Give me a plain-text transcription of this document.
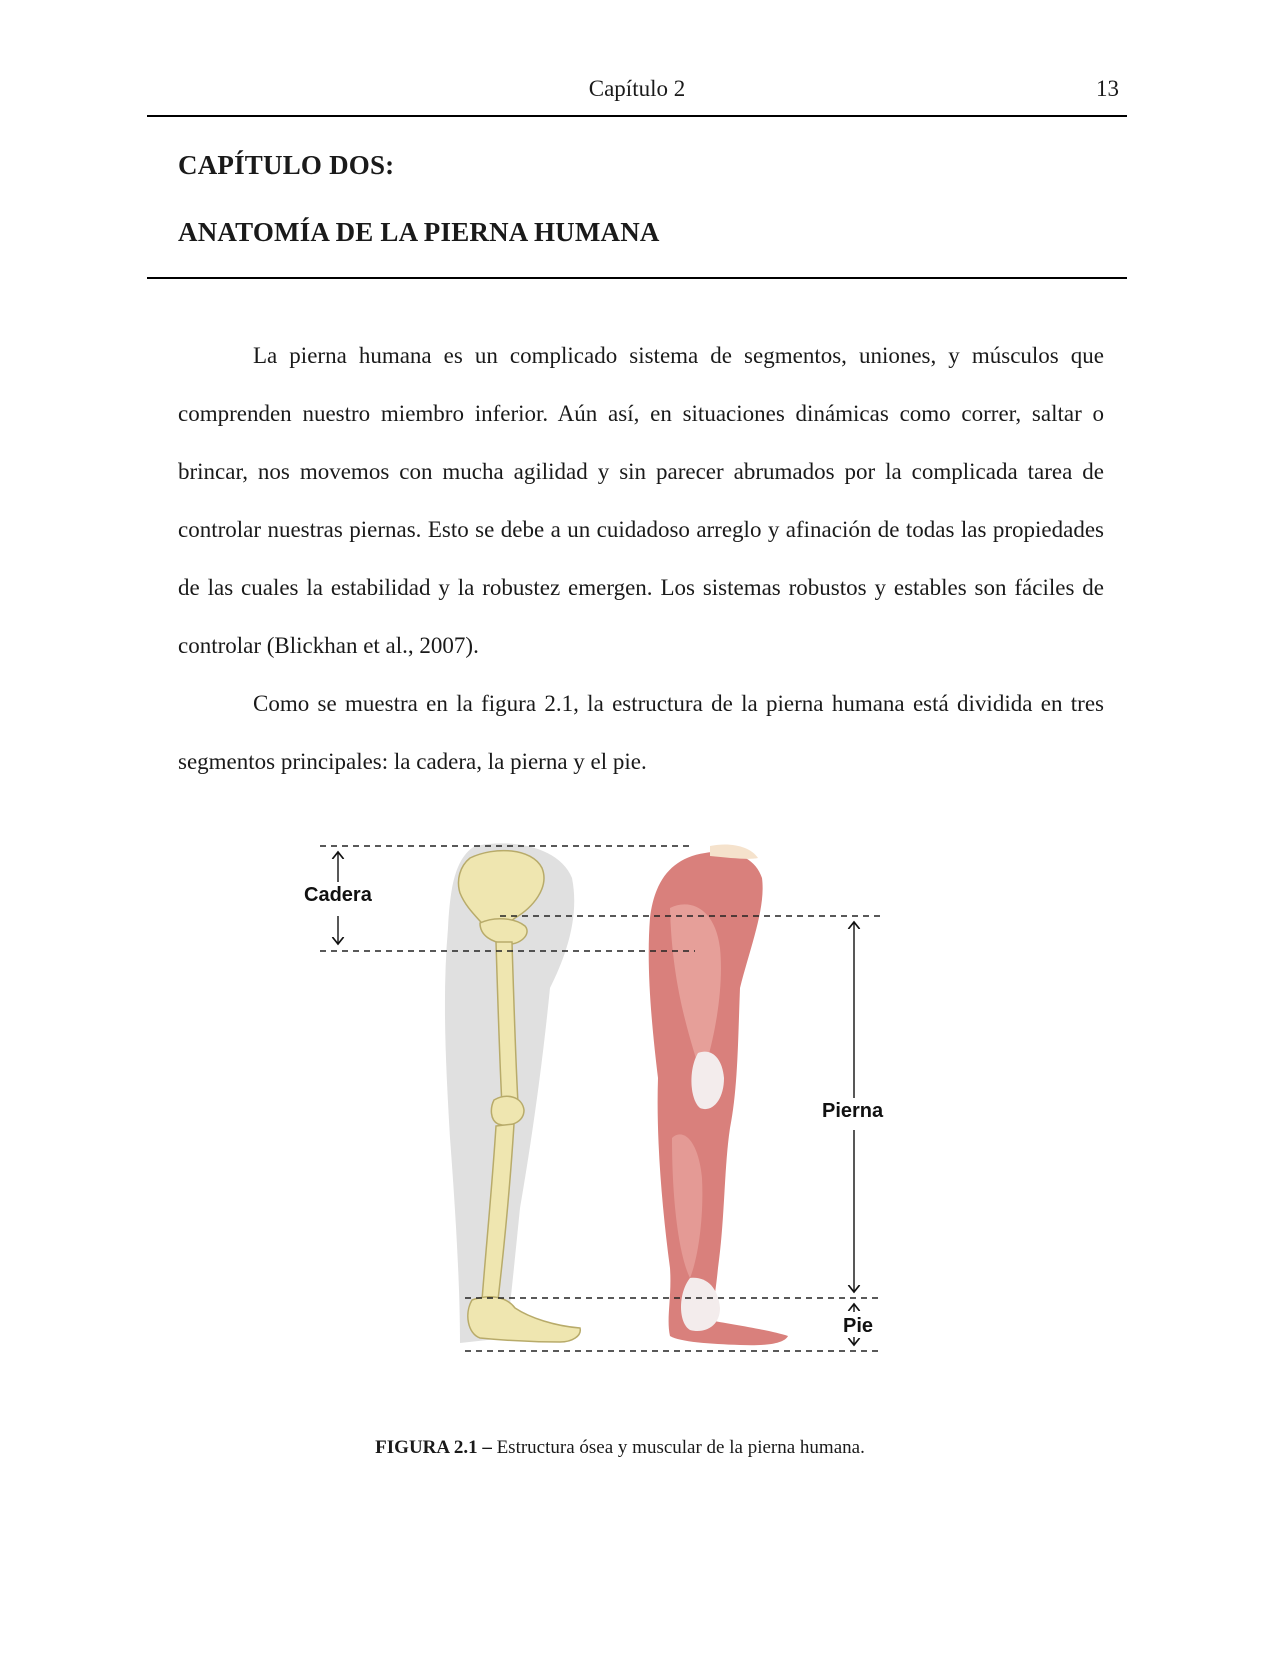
Capítulo 2	13
CAPÍTULO DOS:
ANATOMÍA DE LA PIERNA HUMANA

La pierna humana es un complicado sistema de segmentos, uniones, y músculos que comprenden nuestro miembro inferior. Aún así, en situaciones dinámicas como correr, saltar o brincar, nos movemos con mucha agilidad y sin parecer abrumados por la complicada tarea de controlar nuestras piernas. Esto se debe a un cuidadoso arreglo y afinación de todas las propiedades de las cuales la estabilidad y la robustez emergen. Los sistemas robustos y estables son fáciles de controlar (Blickhan et al., 2007).

Como se muestra en la figura 2.1, la estructura de la pierna humana está dividida en tres segmentos principales: la cadera, la pierna y el pie.

Cadera
Pierna
Pie
FIGURA 2.1 – Estructura ósea y muscular de la pierna humana.
